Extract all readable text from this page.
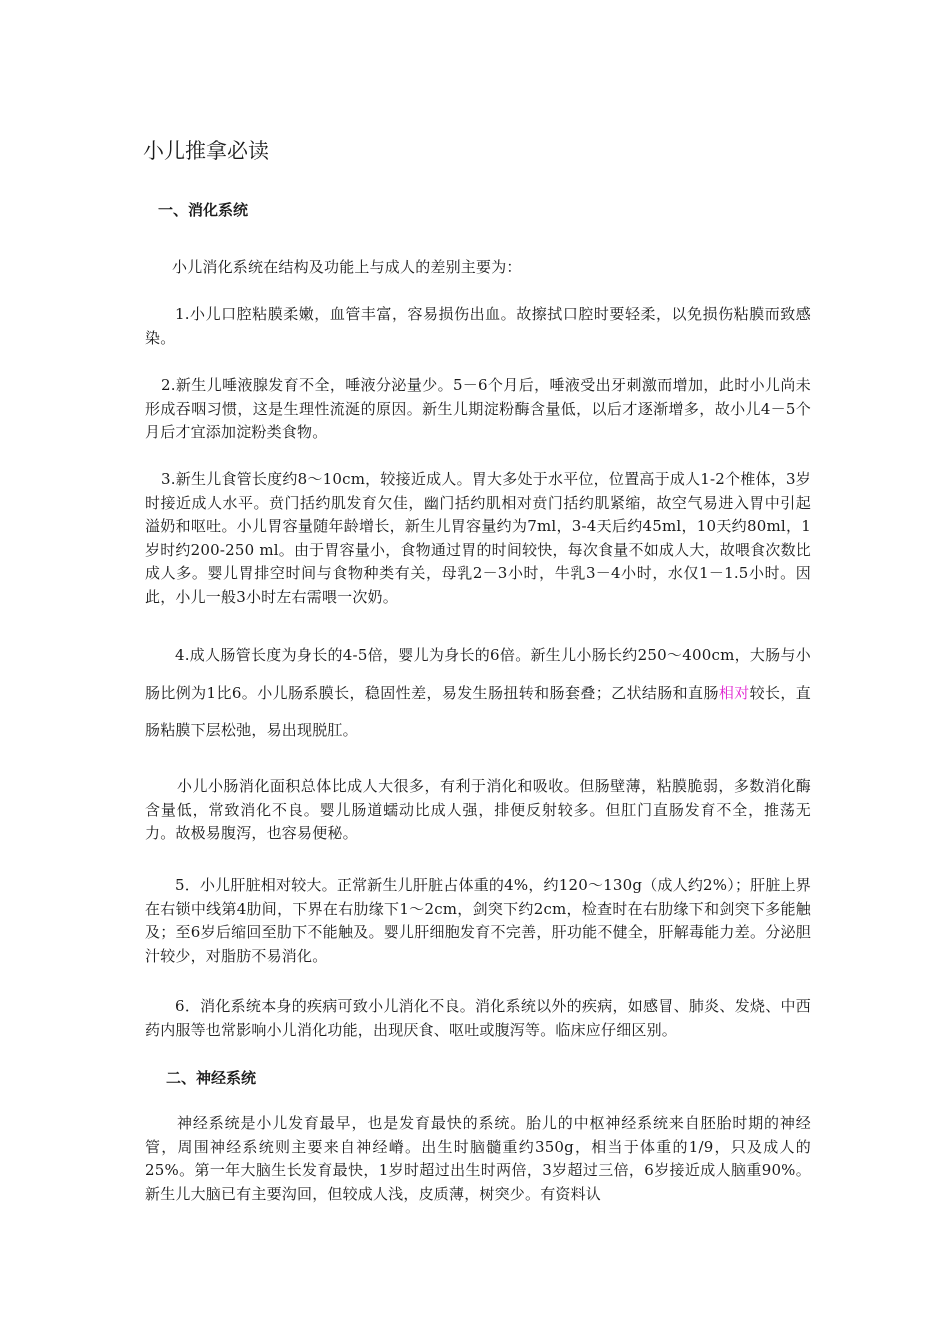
小儿推拿必读
一、消化系统

小儿消化系统在结构及功能上与成人的差别主要为：

1.小儿口腔粘膜柔嫩，血管丰富，容易损伤出血。故擦拭口腔时要轻柔，以免损伤粘膜而致感染。

2.新生儿唾液腺发育不全，唾液分泌量少。5－6个月后，唾液受出牙刺激而增加，此时小儿尚未形成吞咽习惯，这是生理性流涎的原因。新生儿期淀粉酶含量低，以后才逐渐增多，故小儿4－5个月后才宜添加淀粉类食物。

3.新生儿食管长度约8～10cm，较接近成人。胃大多处于水平位，位置高于成人1-2个椎体，3岁时接近成人水平。贲门括约肌发育欠佳，幽门括约肌相对贲门括约肌紧缩，故空气易进入胃中引起溢奶和呕吐。小儿胃容量随年龄增长，新生儿胃容量约为7ml，3-4天后约45ml，10天约80ml，1岁时约200-250 ml。由于胃容量小，食物通过胃的时间较快，每次食量不如成人大，故喂食次数比成人多。婴儿胃排空时间与食物种类有关，母乳2－3小时，牛乳3－4小时，水仅1－1.5小时。因此，小儿一般3小时左右需喂一次奶。

4.成人肠管长度为身长的4-5倍，婴儿为身长的6倍。新生儿小肠长约250～400cm，大肠与小肠比例为1比6。小儿肠系膜长，稳固性差，易发生肠扭转和肠套叠；乙状结肠和直肠相对较长，直肠粘膜下层松弛，易出现脱肛。

小儿小肠消化面积总体比成人大很多，有利于消化和吸收。但肠壁薄，粘膜脆弱，多数消化酶含量低，常致消化不良。婴儿肠道蠕动比成人强，排便反射较多。但肛门直肠发育不全，推荡无力。故极易腹泻，也容易便秘。

5．小儿肝脏相对较大。正常新生儿肝脏占体重的4%，约120～130g（成人约2%）；肝脏上界在右锁中线第4肋间，下界在右肋缘下1～2cm，剑突下约2cm，检查时在右肋缘下和剑突下多能触及；至6岁后缩回至肋下不能触及。婴儿肝细胞发育不完善，肝功能不健全，肝解毒能力差。分泌胆汁较少，对脂肪不易消化。

6．消化系统本身的疾病可致小儿消化不良。消化系统以外的疾病，如感冒、肺炎、发烧、中西药内服等也常影响小儿消化功能，出现厌食、呕吐或腹泻等。临床应仔细区别。

二、神经系统

神经系统是小儿发育最早，也是发育最快的系统。胎儿的中枢神经系统来自胚胎时期的神经管，周围神经系统则主要来自神经嵴。出生时脑髓重约350g，相当于体重的1/9，只及成人的25%。第一年大脑生长发育最快，1岁时超过出生时两倍，3岁超过三倍，6岁接近成人脑重90%。新生儿大脑已有主要沟回，但较成人浅，皮质薄，树突少。有资料认
